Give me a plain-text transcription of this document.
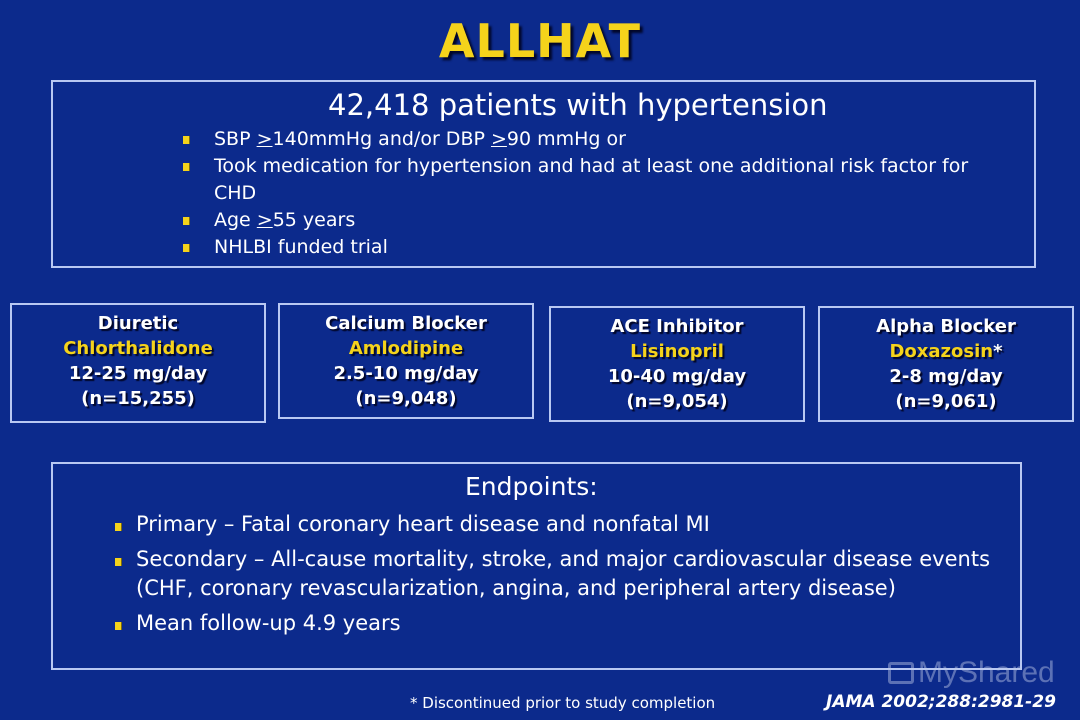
ALLHAT
42,418 patients with hypertension
SBP >140mmHg and/or DBP >90 mmHg or
Took medication for hypertension and had at least one additional risk factor for CHD
Age >55 years
NHLBI funded trial
Diuretic
Chlorthalidone
12-25 mg/day
(n=15,255)
Calcium Blocker
Amlodipine
2.5-10 mg/day
(n=9,048)
ACE Inhibitor
Lisinopril
10-40 mg/day
(n=9,054)
Alpha Blocker
Doxazosin*
2-8 mg/day
(n=9,061)
Endpoints:
Primary – Fatal coronary heart disease and nonfatal MI
Secondary – All-cause mortality, stroke, and major cardiovascular disease events (CHF, coronary revascularization, angina, and peripheral artery disease)
Mean follow-up 4.9 years
* Discontinued prior to study completion	JAMA 2002;288:2981-29
MyShared
